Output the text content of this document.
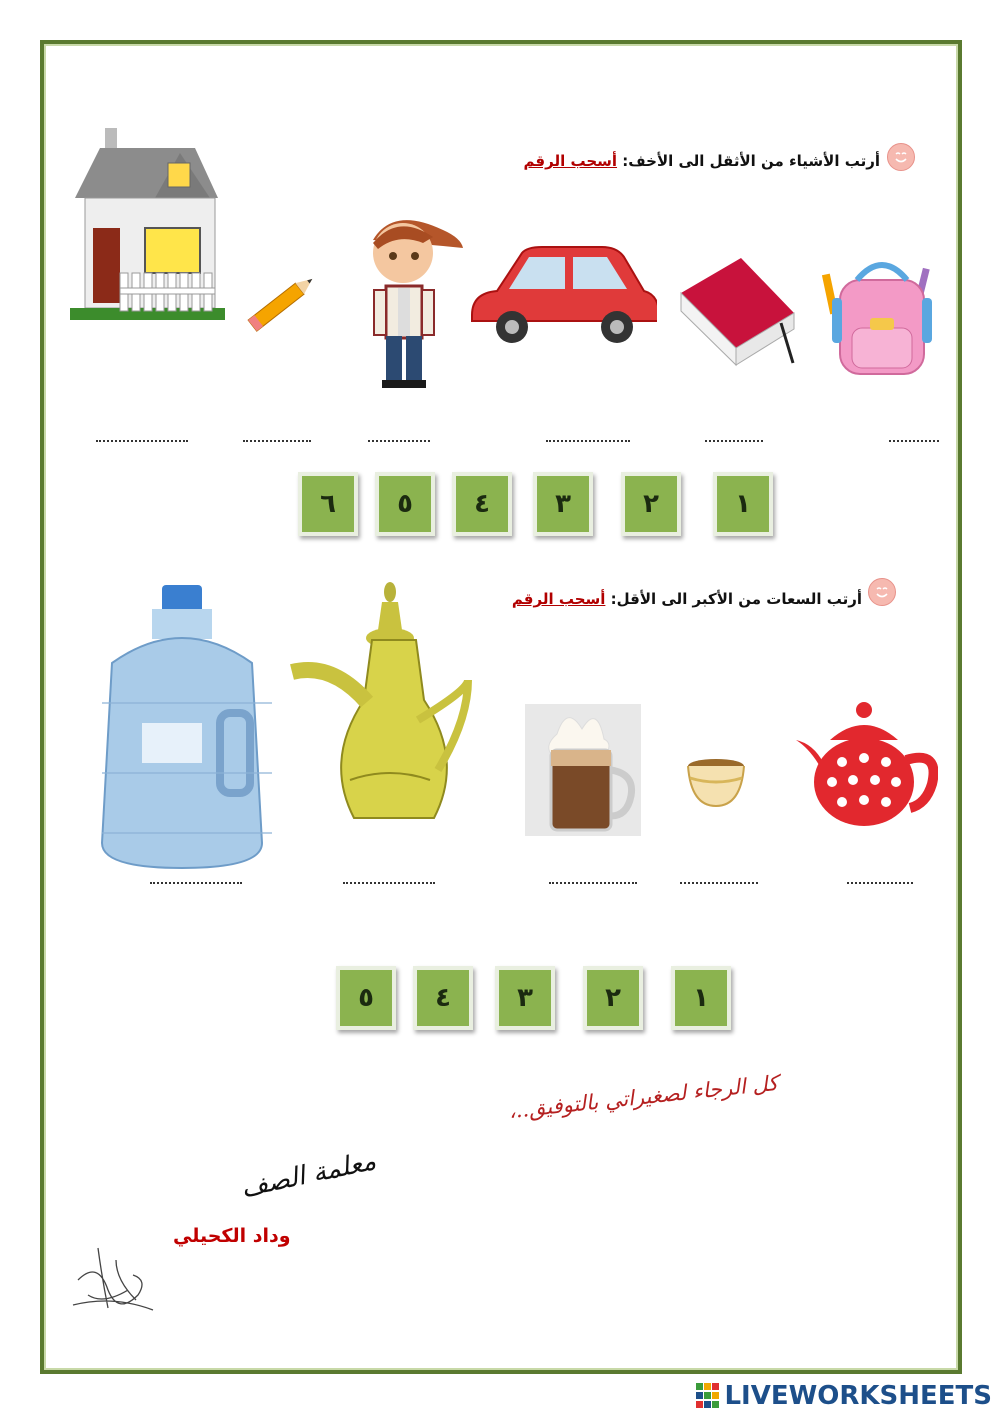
أرتب الأشياء من الأثقل الى الأخف: أسحب الرقم
٦	٥	٤	٣	٢	١
أرتب السعات من الأكبر الى الأقل: أسحب الرقم
٥	٤	٣	٢	١
كل الرجاء لصغيراتي بالتوفيق..،
معلمة الصف
وداد الكحيلي
LIVEWORKSHEETS
